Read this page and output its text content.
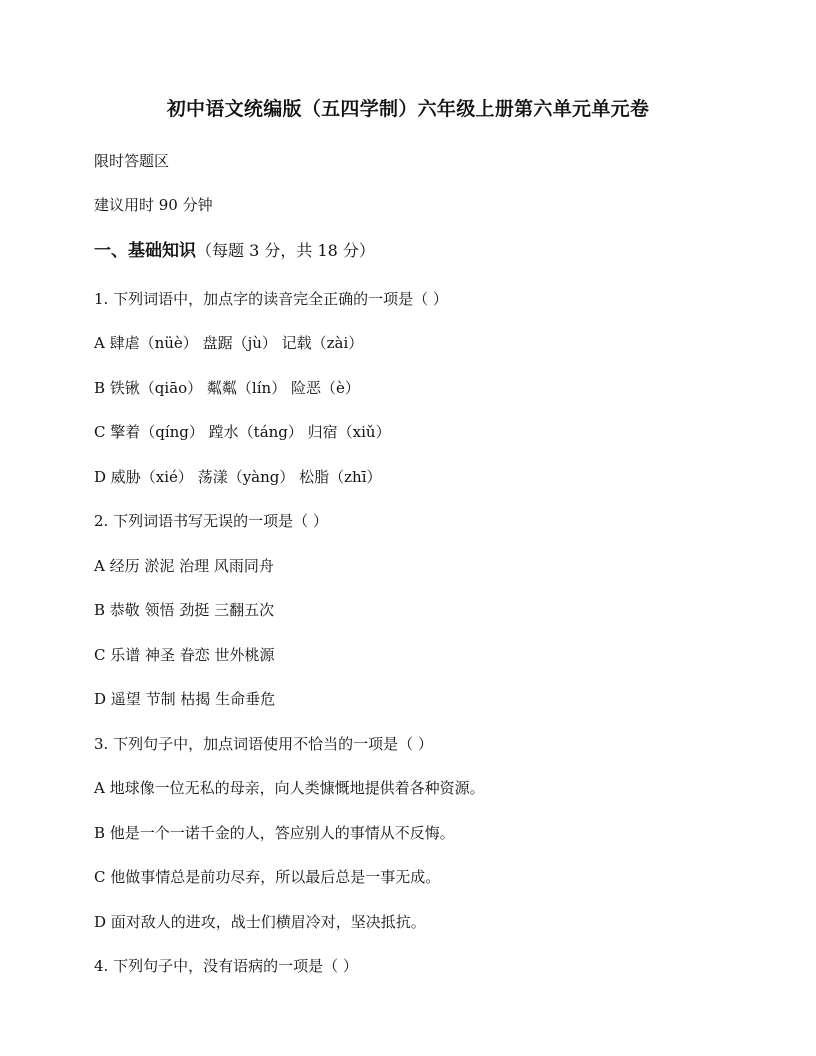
初中语文统编版（五四学制）六年级上册第六单元单元卷
限时答题区
建议用时 90 分钟
一、基础知识（每题 3 分，共 18 分）
1. 下列词语中，加点字的读音完全正确的一项是（ ）
A 肆虐（nüè） 盘踞（jù） 记载（zài）
B 铁锹（qiāo） 粼粼（lín） 险恶（è）
C 擎着（qíng） 蹚水（táng） 归宿（xiǔ）
D 威胁（xié） 荡漾（yàng） 松脂（zhī）
2. 下列词语书写无误的一项是（ ）
A 经历 淤泥 治理 风雨同舟
B 恭敬 领悟 劲挺 三翻五次
C 乐谱 神圣 眷恋 世外桃源
D 遥望 节制 枯揭 生命垂危
3. 下列句子中，加点词语使用不恰当的一项是（ ）
A 地球像一位无私的母亲，向人类慷慨地提供着各种资源。
B 他是一个一诺千金的人，答应别人的事情从不反悔。
C 他做事情总是前功尽弃，所以最后总是一事无成。
D 面对敌人的进攻，战士们横眉冷对，坚决抵抗。
4. 下列句子中，没有语病的一项是（ ）
